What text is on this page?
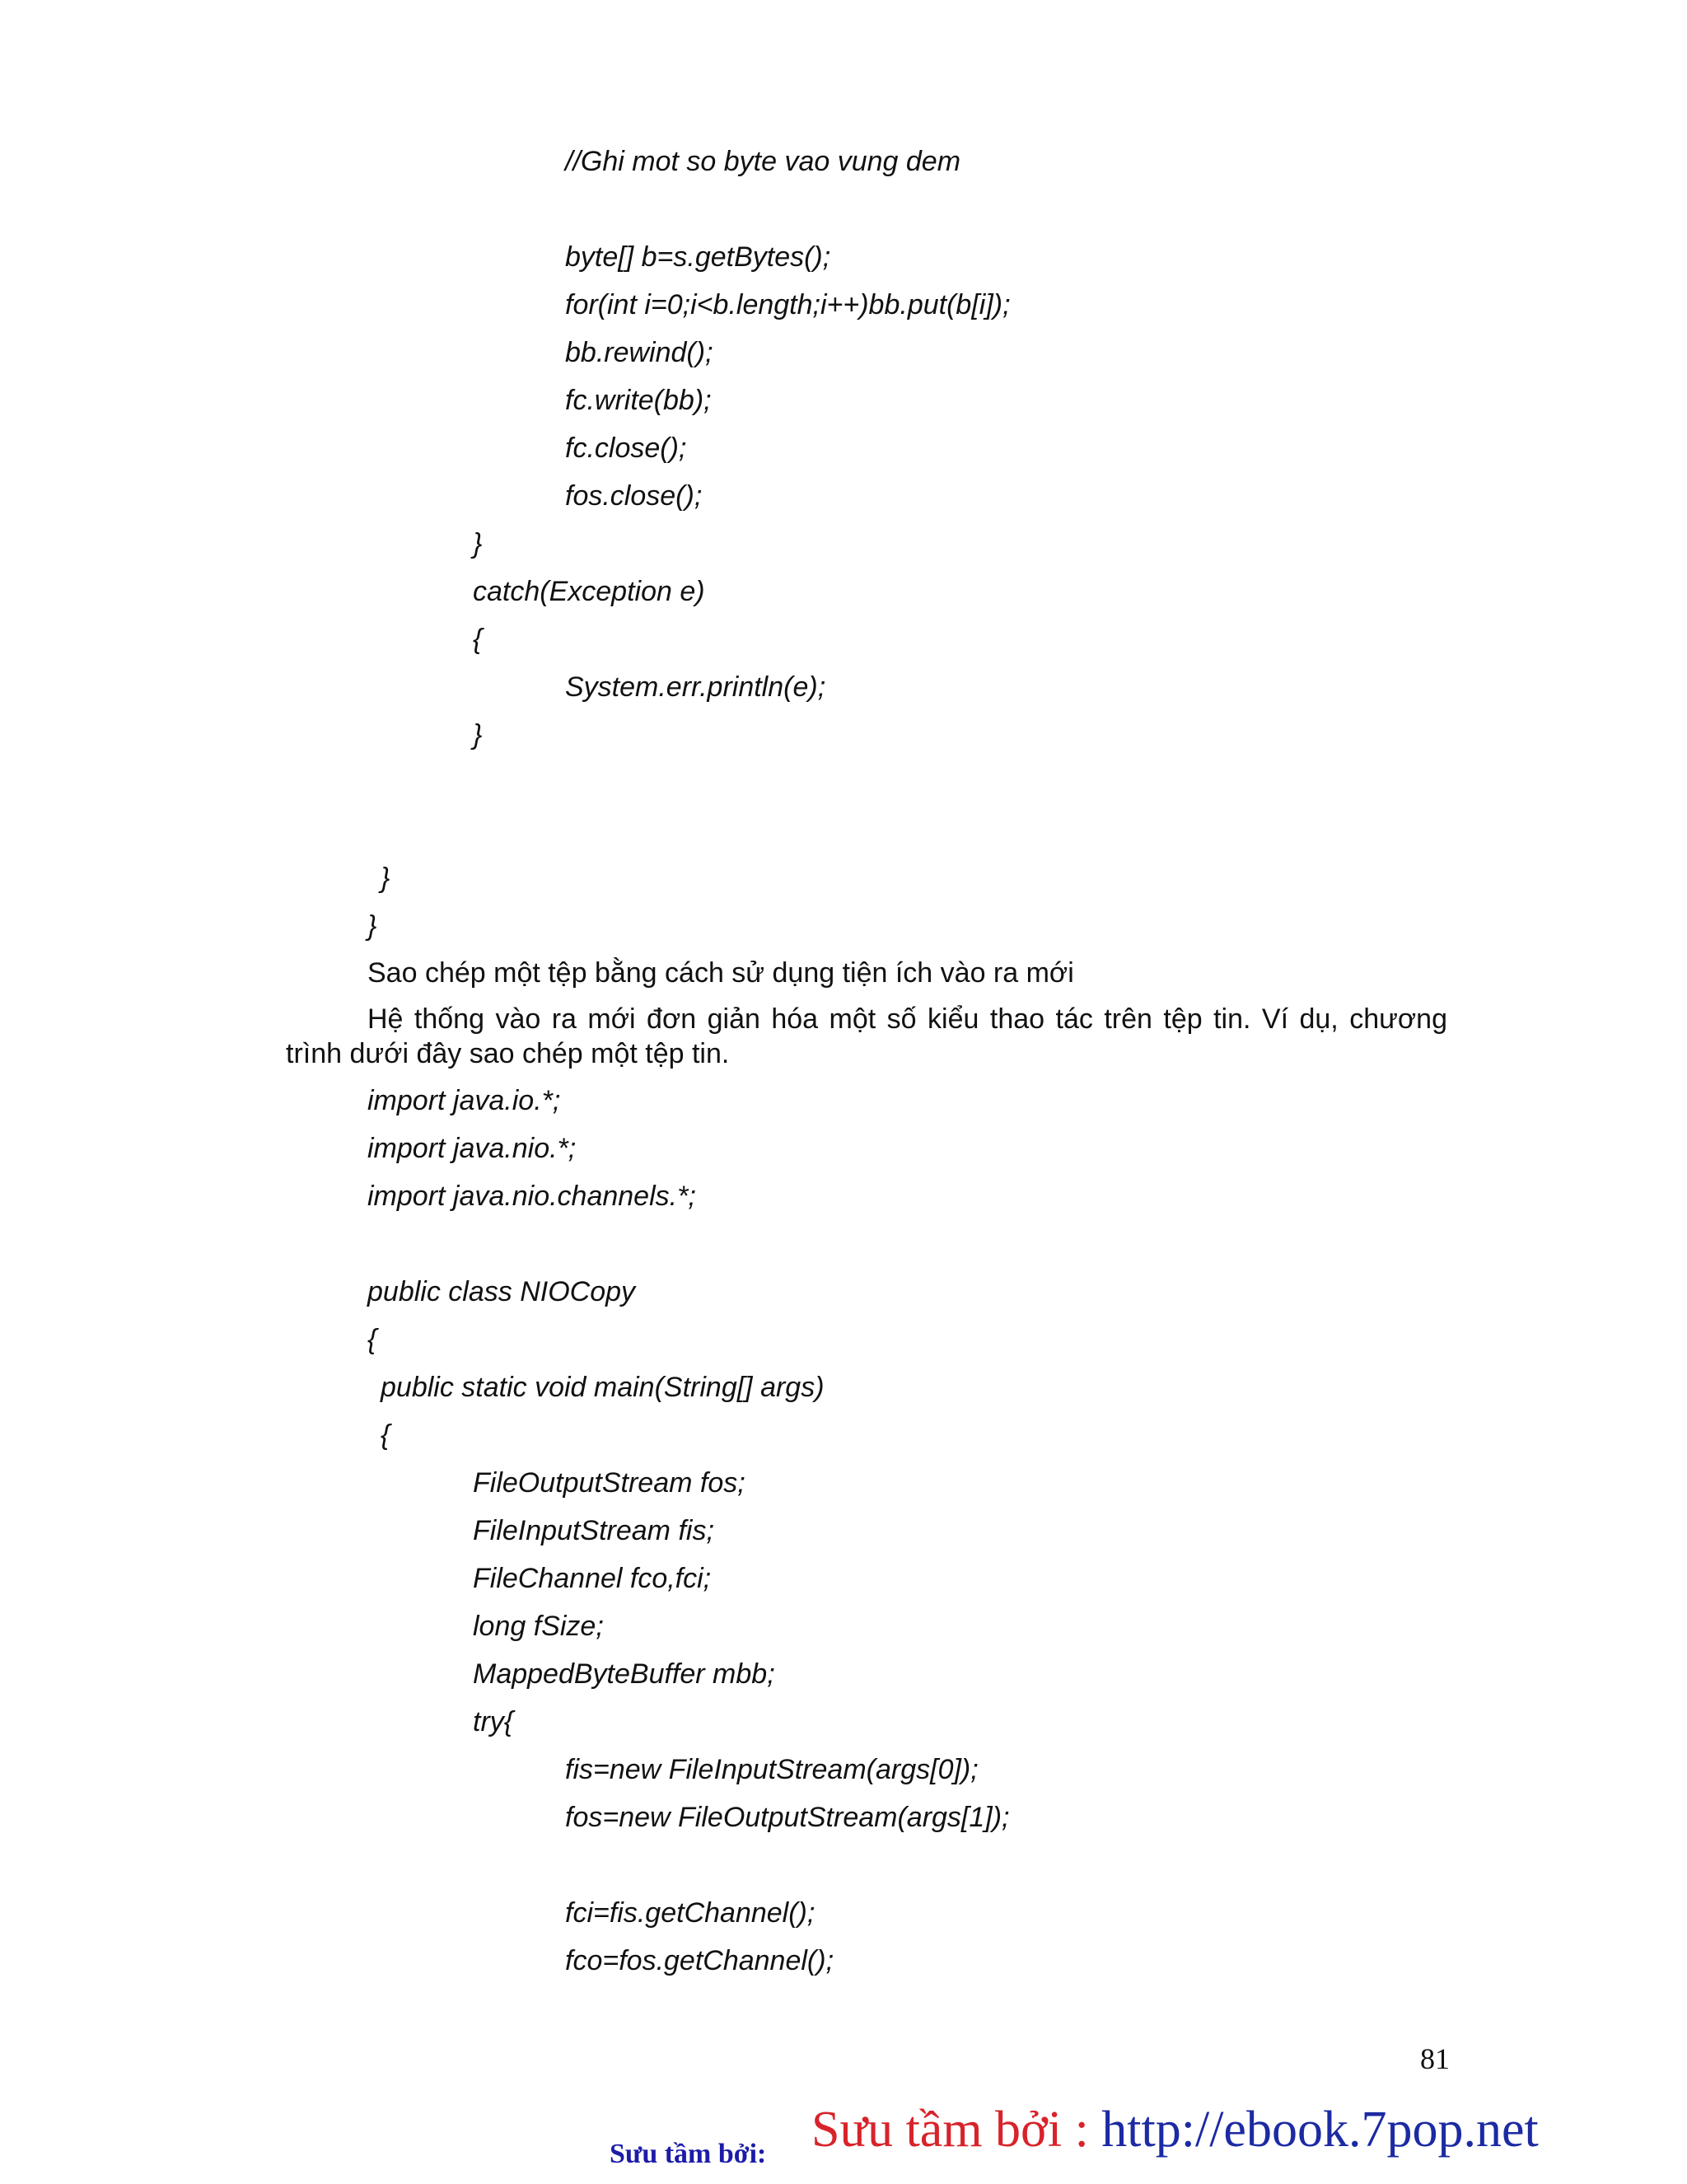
//Ghi mot so byte vao vung dem
byte[] b=s.getBytes();
for(int i=0;i<b.length;i++)bb.put(b[i]);
bb.rewind();
fc.write(bb);
fc.close();
fos.close();
}
catch(Exception e)
{
System.err.println(e);
}
}
}
Sao chép một tệp bằng cách sử dụng tiện ích vào ra mới
Hệ thống vào ra mới đơn giản hóa một số kiểu thao tác trên tệp tin. Ví dụ, chương trình dưới đây sao chép một tệp tin.
import java.io.*;
import java.nio.*;
import java.nio.channels.*;
public class NIOCopy
{
public static void main(String[] args)
{
FileOutputStream fos;
FileInputStream fis;
FileChannel fco,fci;
long fSize;
MappedByteBuffer mbb;
try{
fis=new FileInputStream(args[0]);
fos=new FileOutputStream(args[1]);
fci=fis.getChannel();
fco=fos.getChannel();
81
Sưu tầm bởi : http://ebook.7pop.net
Sưu tầm bởi:
